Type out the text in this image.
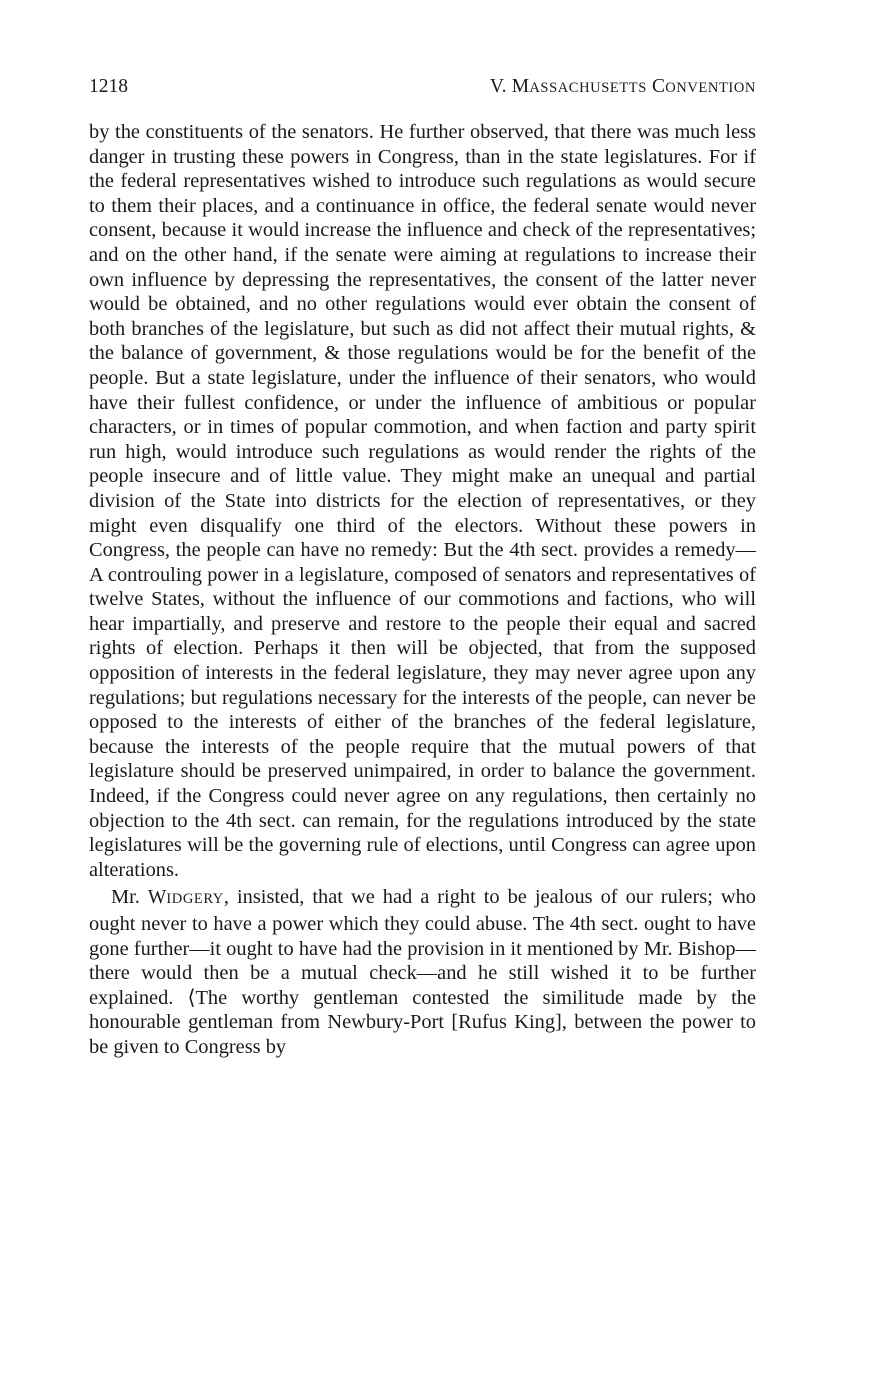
1218	V. MASSACHUSETTS CONVENTION

by the constituents of the senators. He further observed, that there was much less danger in trusting these powers in Congress, than in the state legislatures. For if the federal representatives wished to introduce such regulations as would secure to them their places, and a continuance in office, the federal senate would never consent, because it would increase the influence and check of the representatives; and on the other hand, if the senate were aiming at regulations to increase their own influence by depressing the representatives, the consent of the latter never would be obtained, and no other regulations would ever obtain the consent of both branches of the legislature, but such as did not affect their mutual rights, & the balance of government, & those regulations would be for the benefit of the people. But a state legislature, under the influence of their senators, who would have their fullest confidence, or under the influence of ambitious or popular characters, or in times of popular commotion, and when faction and party spirit run high, would introduce such regulations as would render the rights of the people insecure and of little value. They might make an unequal and partial division of the State into districts for the election of representatives, or they might even disqualify one third of the electors. Without these powers in Congress, the people can have no remedy: But the 4th sect. provides a remedy—A controuling power in a legislature, composed of senators and representatives of twelve States, without the influence of our commotions and factions, who will hear impartially, and preserve and restore to the people their equal and sacred rights of election. Perhaps it then will be objected, that from the supposed opposition of interests in the federal legislature, they may never agree upon any regulations; but regulations necessary for the interests of the people, can never be opposed to the interests of either of the branches of the federal legislature, because the interests of the people require that the mutual powers of that legislature should be preserved unimpaired, in order to balance the government. Indeed, if the Congress could never agree on any regulations, then certainly no objection to the 4th sect. can remain, for the regulations introduced by the state legislatures will be the governing rule of elections, until Congress can agree upon alterations.

Mr. WIDGERY, insisted, that we had a right to be jealous of our rulers; who ought never to have a power which they could abuse. The 4th sect. ought to have gone further—it ought to have had the provision in it mentioned by Mr. Bishop—there would then be a mutual check—and he still wished it to be further explained. ⟨The worthy gentleman contested the similitude made by the honourable gentleman from Newbury-Port [Rufus King], between the power to be given to Congress by
